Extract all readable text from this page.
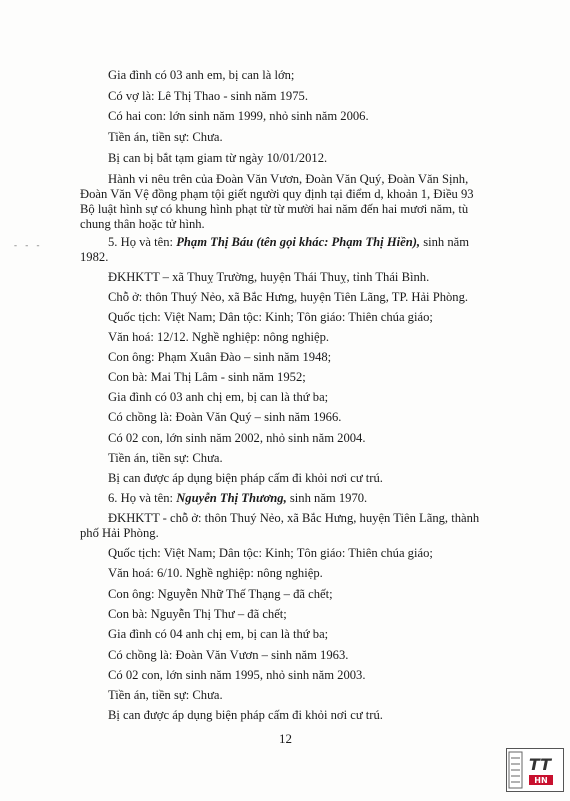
Gia đình có 03 anh em, bị can là lớn;
Có vợ là: Lê Thị Thao - sinh năm 1975.
Có hai con: lớn sinh năm 1999, nhỏ sinh năm 2006.
Tiền án, tiền sự: Chưa.
Bị can bị bắt tạm giam từ ngày 10/01/2012.
Hành vi nêu trên của Đoàn Văn Vươn, Đoàn Văn Quý, Đoàn Văn Sịnh,
Đoàn Văn Vệ đồng phạm tội giết người quy định tại điểm d, khoản 1, Điều 93
Bộ luật hình sự có khung hình phạt từ từ mười hai năm đến hai mươi năm, tù
chung thân hoặc tử hình.
- - -	5. Họ và tên: Phạm Thị Báu (tên gọi khác: Phạm Thị Hiền), sinh năm
1982.
ĐKHKTT – xã Thuỵ Trường, huyện Thái Thuỵ, tỉnh Thái Bình.
Chỗ ở: thôn Thuý Nẻo, xã Bắc Hưng, huyện Tiên Lãng, TP. Hải Phòng.
Quốc tịch: Việt Nam; Dân tộc: Kinh; Tôn giáo: Thiên chúa giáo;
Văn hoá: 12/12. Nghề nghiệp: nông nghiệp.
Con ông: Phạm Xuân Đào – sinh năm 1948;
Con bà: Mai Thị Lâm - sinh năm 1952;
Gia đình có 03 anh chị em, bị can là thứ ba;
Có chồng là: Đoàn Văn Quý – sinh năm 1966.
Có 02 con, lớn sinh năm 2002, nhỏ sinh năm 2004.
Tiền án, tiền sự: Chưa.
Bị can được áp dụng biện pháp cấm đi khỏi nơi cư trú.
6. Họ và tên: Nguyễn Thị Thương, sinh năm 1970.
ĐKHKTT - chỗ ở: thôn Thuý Nẻo, xã Bắc Hưng, huyện Tiên Lãng, thành
phố Hải Phòng.
Quốc tịch: Việt Nam; Dân tộc: Kinh; Tôn giáo: Thiên chúa giáo;
Văn hoá: 6/10. Nghề nghiệp: nông nghiệp.
Con ông: Nguyễn Nhữ Thế Thạng – đã chết;
Con bà: Nguyễn Thị Thư – đã chết;
Gia đình có 04 anh chị em, bị can là thứ ba;
Có chồng là: Đoàn Văn Vươn – sinh năm 1963.
Có 02 con, lớn sinh năm 1995, nhỏ sinh năm 2003.
Tiền án, tiền sự: Chưa.
Bị can được áp dụng biện pháp cấm đi khỏi nơi cư trú.
12
TT
HN
